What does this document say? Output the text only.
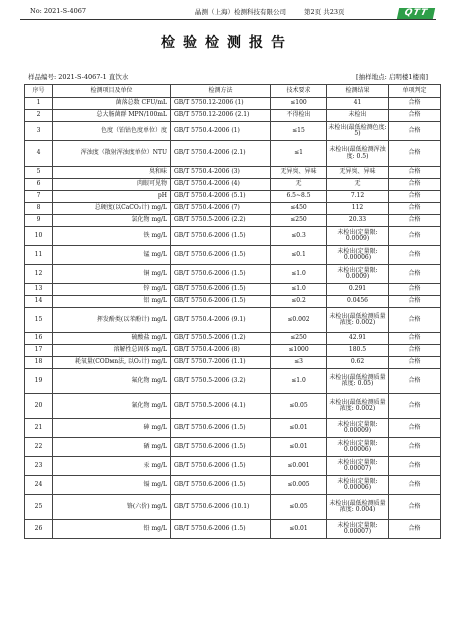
No: 2021-S-4067	晶测（上海）检测科技有限公司	第2页 共23页	QTT
检验检测报告
样品编号: 2021-S-4067-1 直饮水	[抽样地点: 启明楼1楼南]
序号	检测项目及单位	检测方法	技术要求	检测结果	单项判定
1	菌落总数 CFU/mL	GB/T 5750.12-2006 (1)	≤100	41	合格
2	总大肠菌群 MPN/100mL	GB/T 5750.12-2006 (2.1)	不得检出	未检出	合格
3	色度（铂钴色度单位）度	GB/T 5750.4-2006 (1)	≤15	未检出(最低检测色度: 5)	合格
4	浑浊度（散射浑浊度单位）NTU	GB/T 5750.4-2006 (2.1)	≤1	未检出(最低检测浑浊度: 0.5)	合格
5	臭和味	GB/T 5750.4-2006 (3)	无异臭、异味	无异臭、异味	合格
6	肉眼可见物	GB/T 5750.4-2006 (4)	无	无	合格
7	pH	GB/T 5750.4-2006 (5.1)	6.5~8.5	7.12	合格
8	总硬度(以CaCO₃计) mg/L	GB/T 5750.4-2006 (7)	≤450	112	合格
9	氯化物 mg/L	GB/T 5750.5-2006 (2.2)	≤250	20.33	合格
10	铁 mg/L	GB/T 5750.6-2006 (1.5)	≤0.3	未检出(定量限: 0.0009)	合格
11	锰 mg/L	GB/T 5750.6-2006 (1.5)	≤0.1	未检出(定量限: 0.00006)	合格
12	铜 mg/L	GB/T 5750.6-2006 (1.5)	≤1.0	未检出(定量限: 0.0009)	合格
13	锌 mg/L	GB/T 5750.6-2006 (1.5)	≤1.0	0.291	合格
14	铝 mg/L	GB/T 5750.6-2006 (1.5)	≤0.2	0.0456	合格
15	挥发酚类(以苯酚计) mg/L	GB/T 5750.4-2006 (9.1)	≤0.002	未检出(最低检测质量浓度: 0.002)	合格
16	硫酸盐 mg/L	GB/T 5750.5-2006 (1.2)	≤250	42.91	合格
17	溶解性总固体 mg/L	GB/T 5750.4-2006 (8)	≤1000	180.5	合格
18	耗氧量(CODмn法, 以O₂计) mg/L	GB/T 5750.7-2006 (1.1)	≤3	0.62	合格
19	氟化物 mg/L	GB/T 5750.5-2006 (3.2)	≤1.0	未检出(最低检测质量浓度: 0.05)	合格
20	氰化物 mg/L	GB/T 5750.5-2006 (4.1)	≤0.05	未检出(最低检测质量浓度: 0.002)	合格
21	砷 mg/L	GB/T 5750.6-2006 (1.5)	≤0.01	未检出(定量限: 0.00009)	合格
22	硒 mg/L	GB/T 5750.6-2006 (1.5)	≤0.01	未检出(定量限: 0.00006)	合格
23	汞 mg/L	GB/T 5750.6-2006 (1.5)	≤0.001	未检出(定量限: 0.00007)	合格
24	镉 mg/L	GB/T 5750.6-2006 (1.5)	≤0.005	未检出(定量限: 0.00006)	合格
25	铬(六价) mg/L	GB/T 5750.6-2006 (10.1)	≤0.05	未检出(最低检测质量浓度: 0.004)	合格
26	铅 mg/L	GB/T 5750.6-2006 (1.5)	≤0.01	未检出(定量限: 0.00007)	合格
